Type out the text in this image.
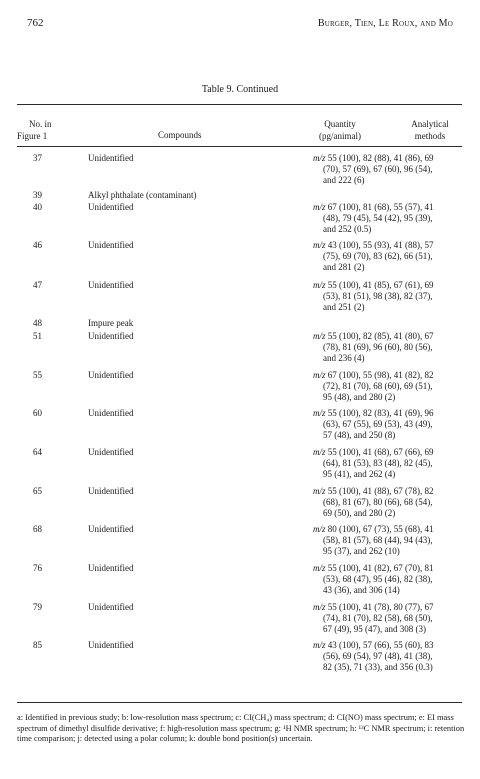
762	Burger, Tien, Le Roux, and Mo
Table 9. Continued
No. in
Figure 1	Compounds
Quantity
(pg/animal)
Analytical
methods
37	Unidentified	m/z 55 (100), 82 (88), 41 (86), 69
(70), 57 (69), 67 (60), 96 (54),
and 222 (6)
39	Alkyl phthalate (contaminant)
40	Unidentified	m/z 67 (100), 81 (68), 55 (57), 41
(48), 79 (45), 54 (42), 95 (39),
and 252 (0.5)
46	Unidentified	m/z 43 (100), 55 (93), 41 (88), 57
(75), 69 (70), 83 (62), 66 (51),
and 281 (2)
47	Unidentified	m/z 55 (100), 41 (85), 67 (61), 69
(53), 81 (51), 98 (38), 82 (37),
and 251 (2)
48	Impure peak
51	Unidentified	m/z 55 (100), 82 (85), 41 (80), 67
(78), 81 (69), 96 (60), 80 (56),
and 236 (4)
55	Unidentified	m/z 67 (100), 55 (98), 41 (82), 82
(72), 81 (70), 68 (60), 69 (51),
95 (48), and 280 (2)
60	Unidentified	m/z 55 (100), 82 (83), 41 (69), 96
(63), 67 (55), 69 (53), 43 (49),
57 (48), and 250 (8)
64	Unidentified	m/z 55 (100), 41 (68), 67 (66), 69
(64), 81 (53), 83 (48), 82 (45),
95 (41), and 262 (4)
65	Unidentified	m/z 55 (100), 41 (88), 67 (78), 82
(68), 81 (67), 80 (66), 68 (54),
69 (50), and 280 (2)
68	Unidentified	m/z 80 (100), 67 (73), 55 (68), 41
(58), 81 (57), 68 (44), 94 (43),
95 (37), and 262 (10)
76	Unidentified	m/z 55 (100), 41 (82), 67 (70), 81
(53), 68 (47), 95 (46), 82 (38),
43 (36), and 306 (14)
79	Unidentified	m/z 55 (100), 41 (78), 80 (77), 67
(74), 81 (70), 82 (58), 68 (50),
67 (49), 95 (47), and 308 (3)
85	Unidentified	m/z 43 (100), 57 (66), 55 (60), 83
(56), 69 (54), 97 (48), 41 (38),
82 (35), 71 (33), and 356 (0.3)
a: Identified in previous study; b: low-resolution mass spectrum; c: CI(CH₄) mass spectrum; d: CI(NO) mass spectrum; e: EI mass spectrum of dimethyl disulfide derivative; f: high-resolution mass spectrum; g: ¹H NMR spectrum; h: ¹³C NMR spectrum; i: retention time comparison; j: detected using a polar column; k: double bond position(s) uncertain.
